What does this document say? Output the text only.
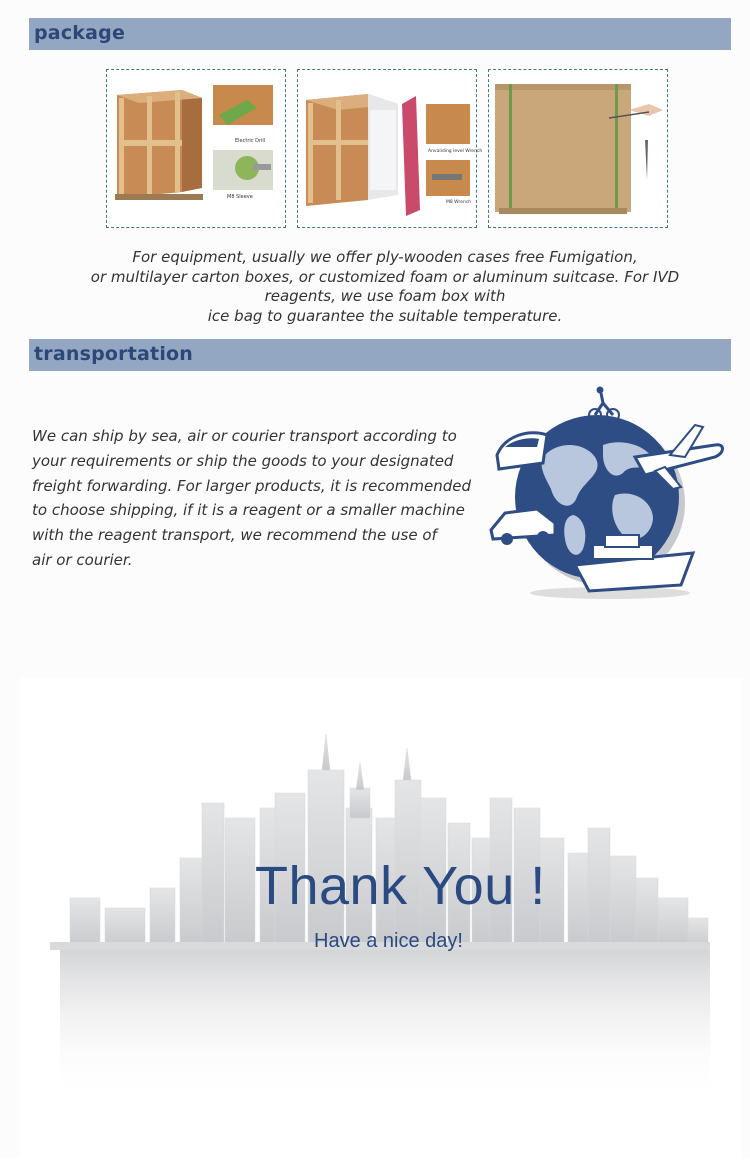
package
Electric Drill
M8 Sleeve
Anvaliding level Wrench
M8 Wrench
For equipment, usually we offer ply-wooden cases free Fumigation,
or multilayer carton boxes, or customized foam or aluminum suitcase. For IVD
reagents, we use foam box with
ice bag to guarantee the suitable temperature.
transportation
We can ship by sea, air or courier transport according to
your requirements or ship the goods to your designated
freight forwarding. For larger products, it is recommended
to choose shipping, if it is a reagent or a smaller machine
with the reagent transport, we recommend the use of
air or courier.
Thank You !
Have a nice day!
